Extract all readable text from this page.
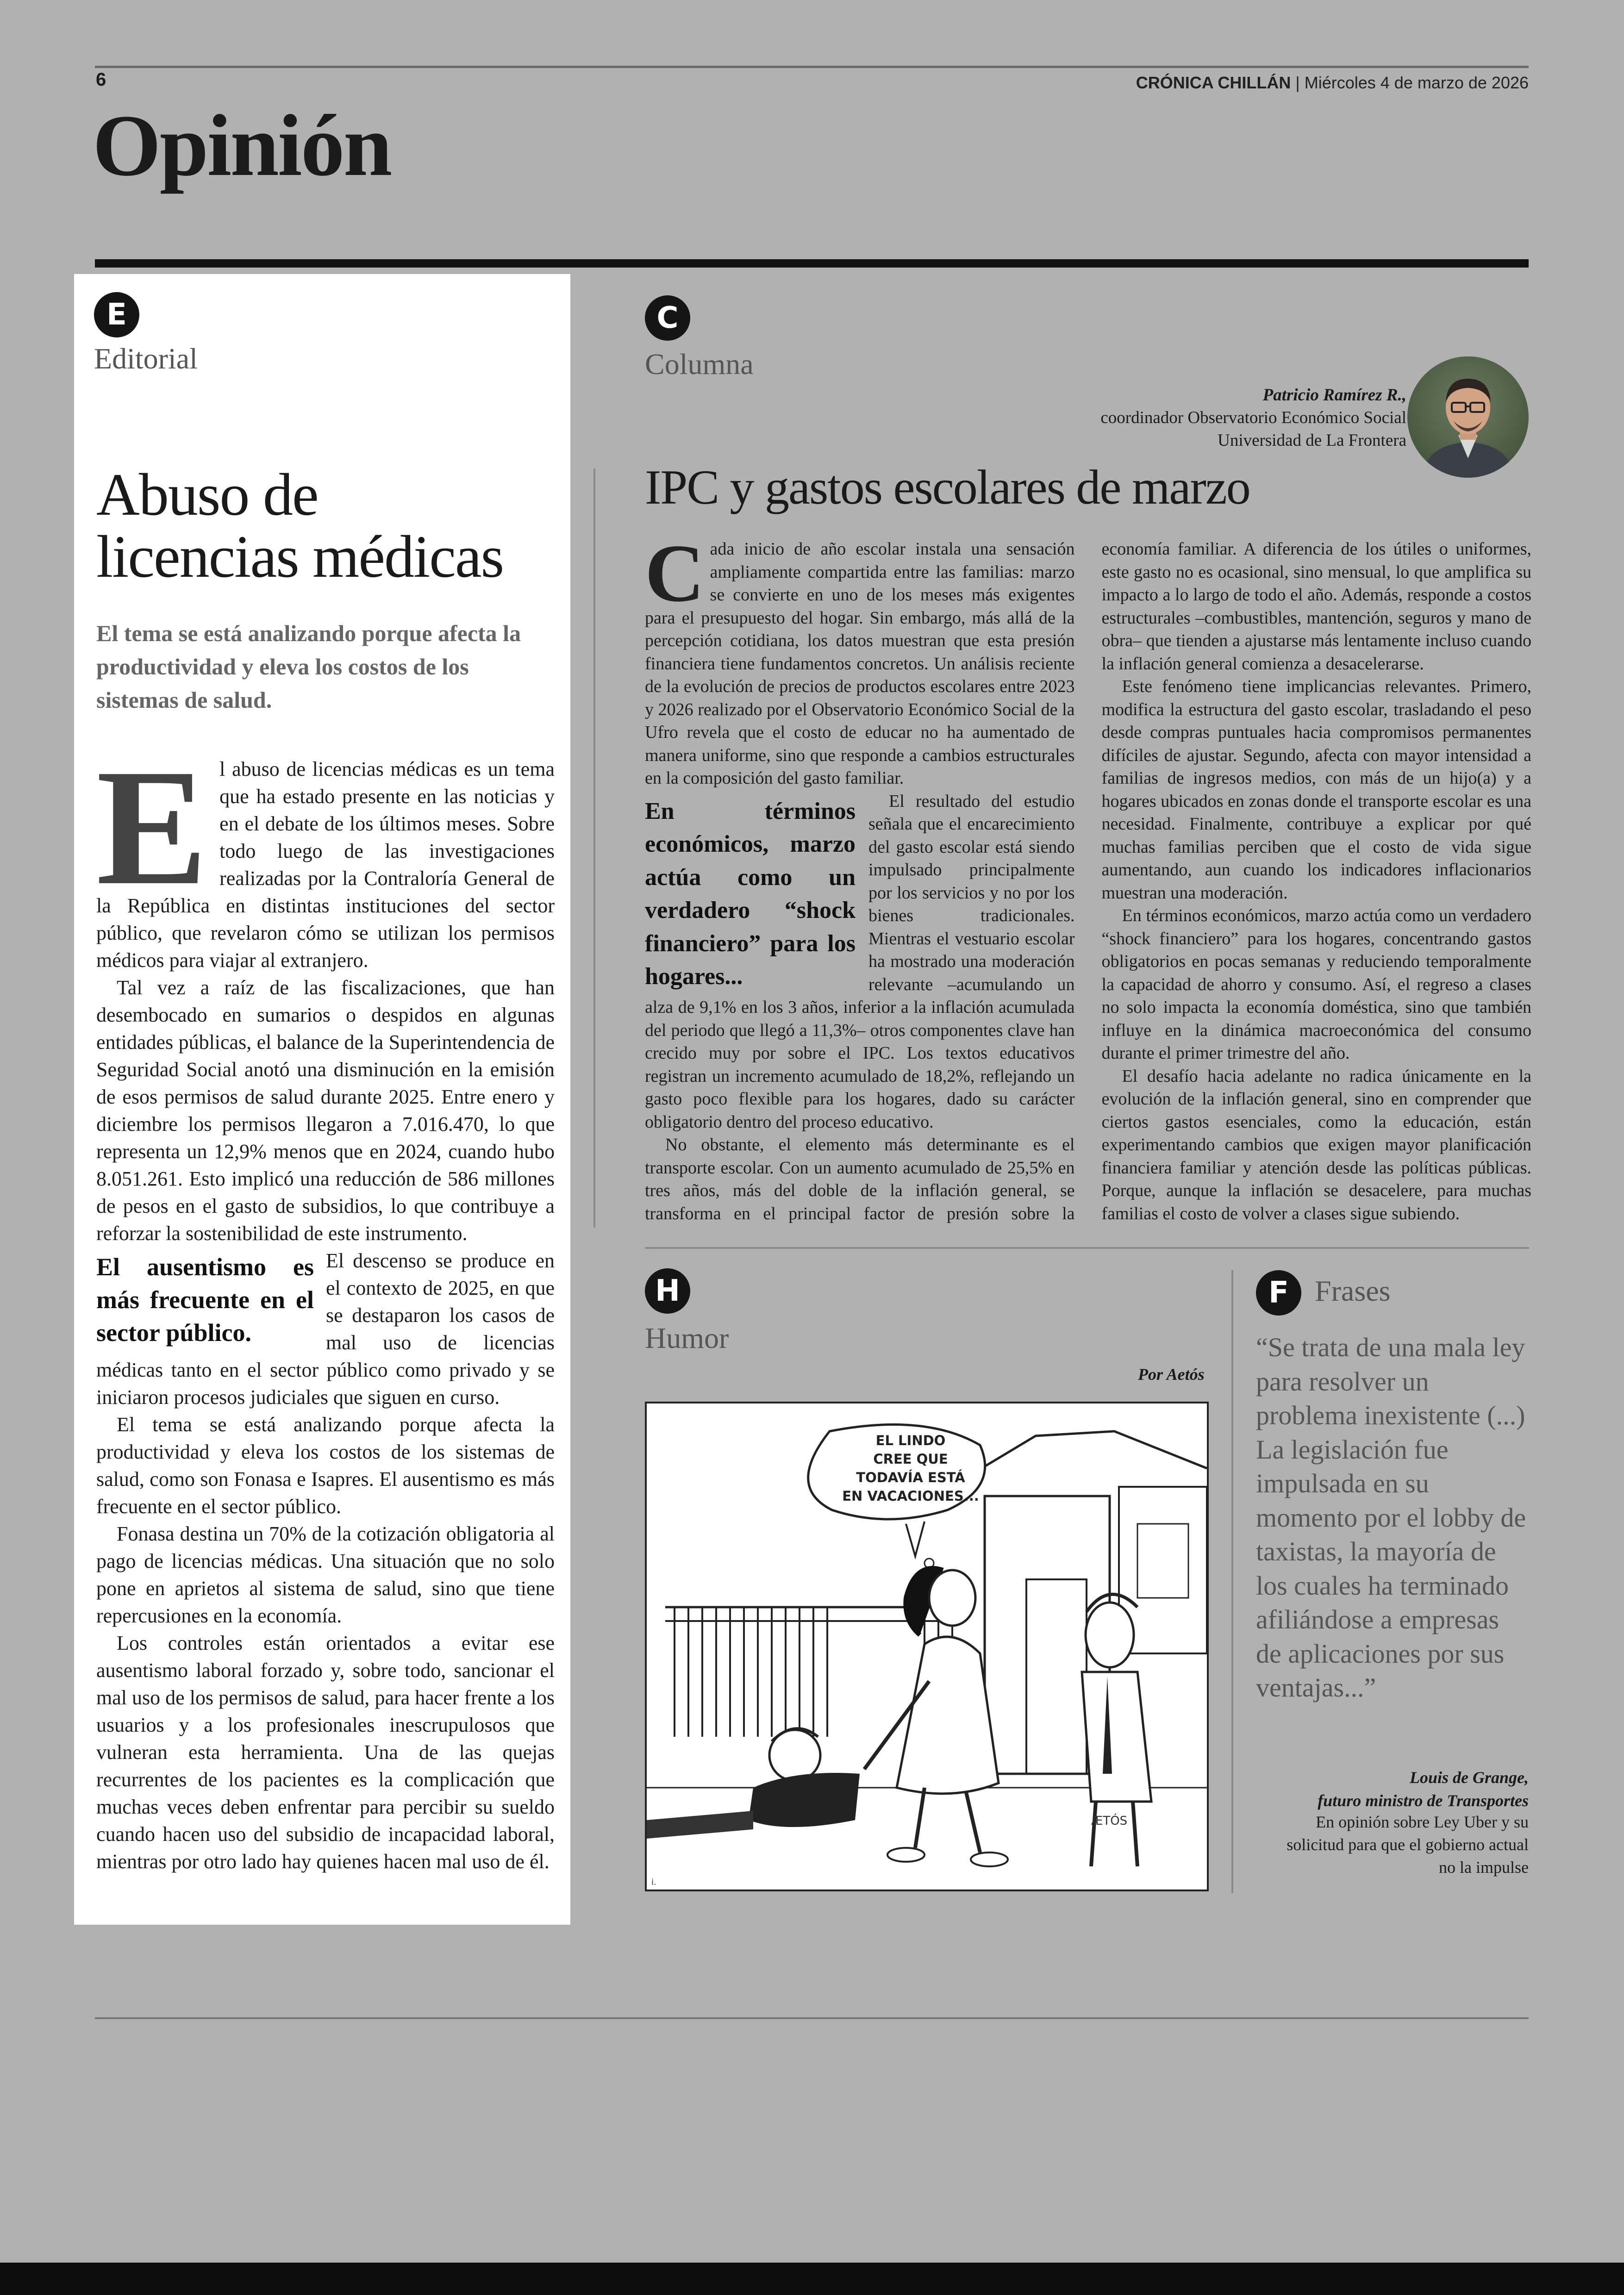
6	CRÓNICA CHILLÁN | Miércoles 4 de marzo de 2026
Opinión
E
Editorial
Abuso de
licencias médicas
El tema se está analizando porque afecta la productividad y eleva los costos de los sistemas de salud.
E l abuso de licencias médicas es un tema que ha estado presente en las noticias y en el debate de los últimos meses. Sobre todo luego de las investigaciones realizadas por la Contraloría General de la República en distintas instituciones del sector público, que revelaron cómo se utilizan los permisos médicos para viajar al extranjero.

Tal vez a raíz de las fiscalizaciones, que han desembocado en sumarios o despidos en algunas entidades públicas, el balance de la Superintendencia de Seguridad Social anotó una disminución en la emisión de esos permisos de salud durante 2025. Entre enero y diciembre los permisos llegaron a 7.016.470, lo que representa un 12,9% menos que en 2024, cuando hubo 8.051.261. Esto implicó una reducción de 586 millones de pesos en el gasto de subsidios, lo que contribuye a reforzar la sostenibilidad de este instrumento.

El ausentismo es más frecuente en el sector público.

El descenso se produce en el contexto de 2025, en que se destaparon los casos de mal uso de licencias médicas tanto en el sector público como privado y se iniciaron procesos judiciales que siguen en curso.

El tema se está analizando porque afecta la productividad y eleva los costos de los sistemas de salud, como son Fonasa e Isapres. El ausentismo es más frecuente en el sector público.

Fonasa destina un 70% de la cotización obligatoria al pago de licencias médicas. Una situación que no solo pone en aprietos al sistema de salud, sino que tiene repercusiones en la economía.

Los controles están orientados a evitar ese ausentismo laboral forzado y, sobre todo, sancionar el mal uso de los permisos de salud, para hacer frente a los usuarios y a los profesionales inescrupulosos que vulneran esta herramienta. Una de las quejas recurrentes de los pacientes es la complicación que muchas veces deben enfrentar para percibir su sueldo cuando hacen uso del subsidio de incapacidad laboral, mientras por otro lado hay quienes hacen mal uso de él.

C
Columna
Patricio Ramírez R.,
coordinador Observatorio Económico Social Universidad de La Frontera
IPC y gastos escolares de marzo
C ada inicio de año escolar instala una sensación ampliamente compartida entre las familias: marzo se convierte en uno de los meses más exigentes para el presupuesto del hogar. Sin embargo, más allá de la percepción cotidiana, los datos muestran que esta presión financiera tiene fundamentos concretos. Un análisis reciente de la evolución de precios de productos escolares entre 2023 y 2026 realizado por el Observatorio Económico Social de la Ufro revela que el costo de educar no ha aumentado de manera uniforme, sino que responde a cambios estructurales en la composición del gasto familiar.

En términos económicos, marzo actúa como un verdadero “shock financiero” para los hogares...

El resultado del estudio señala que el encarecimiento del gasto escolar está siendo impulsado principalmente por los servicios y no por los bienes tradicionales. Mientras el vestuario escolar ha mostrado una moderación relevante –acumulando un alza de 9,1% en los 3 años, inferior a la inflación acumulada del periodo que llegó a 11,3%– otros componentes clave han crecido muy por sobre el IPC. Los textos educativos registran un incremento acumulado de 18,2%, reflejando un gasto poco flexible para los hogares, dado su carácter obligatorio dentro del proceso educativo.

No obstante, el elemento más determinante es el transporte escolar. Con un aumento acumulado de 25,5% en tres años, más del doble de la inflación general, se transforma en el principal factor de presión sobre la economía familiar. A diferencia de los útiles o uniformes, este gasto no es ocasional, sino mensual, lo que amplifica su impacto a lo largo de todo el año. Además, responde a costos estructurales –combustibles, mantención, seguros y mano de obra– que tienden a ajustarse más lentamente incluso cuando la inflación general comienza a desacelerarse.

Este fenómeno tiene implicancias relevantes. Primero, modifica la estructura del gasto escolar, trasladando el peso desde compras puntuales hacia compromisos permanentes difíciles de ajustar. Segundo, afecta con mayor intensidad a familias de ingresos medios, con más de un hijo(a) y a hogares ubicados en zonas donde el transporte escolar es una necesidad. Finalmente, contribuye a explicar por qué muchas familias perciben que el costo de vida sigue aumentando, aun cuando los indicadores inflacionarios muestran una moderación.

En términos económicos, marzo actúa como un verdadero “shock financiero” para los hogares, concentrando gastos obligatorios en pocas semanas y reduciendo temporalmente la capacidad de ahorro y consumo. Así, el regreso a clases no solo impacta la economía doméstica, sino que también influye en la dinámica macroeconómica del consumo durante el primer trimestre del año.

El desafío hacia adelante no radica únicamente en la evolución de la inflación general, sino en comprender que ciertos gastos esenciales, como la educación, están experimentando cambios que exigen mayor planificación financiera familiar y atención desde las políticas públicas. Porque, aunque la inflación se desacelere, para muchas familias el costo de volver a clases sigue subiendo.

H
Humor
Por Aetós
ÆTÓS
i.
EL LINDO
CREE QUE
TODAVÍA ESTÁ
EN VACACIONES...
F Frases
“Se trata de una mala ley para resolver un problema inexistente (...) La legislación fue impulsada en su momento por el lobby de taxistas, la mayoría de los cuales ha terminado afiliándose a empresas de aplicaciones por sus ventajas...”
Louis de Grange,
futuro ministro de Transportes
En opinión sobre Ley Uber y su solicitud para que el gobierno actual no la impulse
